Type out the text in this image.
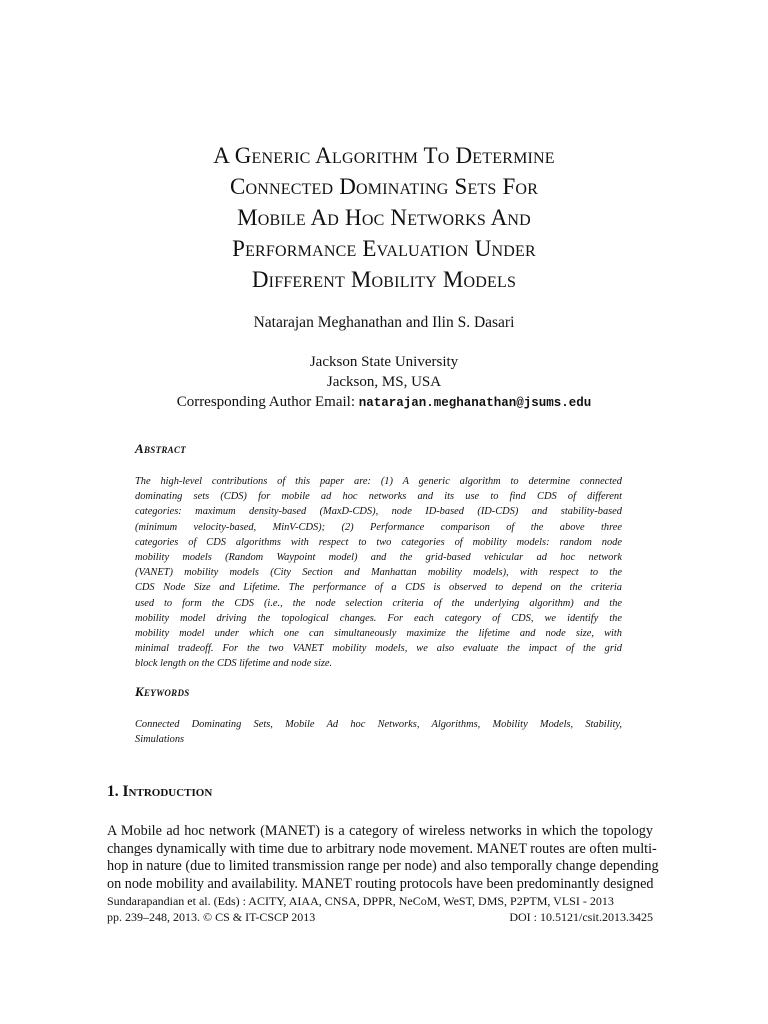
A Generic Algorithm To Determine
Connected Dominating Sets For
Mobile Ad Hoc Networks And
Performance Evaluation Under
Different Mobility Models
Natarajan Meghanathan and Ilin S. Dasari
Jackson State University
Jackson, MS, USA
Corresponding Author Email: natarajan.meghanathan@jsums.edu
Abstract
The high-level contributions of this paper are: (1) A generic algorithm to determine connected
dominating sets (CDS) for mobile ad hoc networks and its use to find CDS of different
categories: maximum density-based (MaxD-CDS), node ID-based (ID-CDS) and stability-based
(minimum velocity-based, MinV-CDS); (2) Performance comparison of the above three
categories of CDS algorithms with respect to two categories of mobility models: random node
mobility models (Random Waypoint model) and the grid-based vehicular ad hoc network
(VANET) mobility models (City Section and Manhattan mobility models), with respect to the
CDS Node Size and Lifetime. The performance of a CDS is observed to depend on the criteria
used to form the CDS (i.e., the node selection criteria of the underlying algorithm) and the
mobility model driving the topological changes. For each category of CDS, we identify the
mobility model under which one can simultaneously maximize the lifetime and node size, with
minimal tradeoff. For the two VANET mobility models, we also evaluate the impact of the grid
block length on the CDS lifetime and node size.
Keywords
Connected Dominating Sets, Mobile Ad hoc Networks, Algorithms, Mobility Models, Stability,
Simulations
1. Introduction
A Mobile ad hoc network (MANET) is a category of wireless networks in which the topology
changes dynamically with time due to arbitrary node movement. MANET routes are often multi-
hop in nature (due to limited transmission range per node) and also temporally change depending
on node mobility and availability. MANET routing protocols have been predominantly designed
Sundarapandian et al. (Eds) : ACITY, AIAA, CNSA, DPPR, NeCoM, WeST, DMS, P2PTM, VLSI - 2013
pp. 239–248, 2013. © CS & IT-CSCP 2013	DOI : 10.5121/csit.2013.3425
